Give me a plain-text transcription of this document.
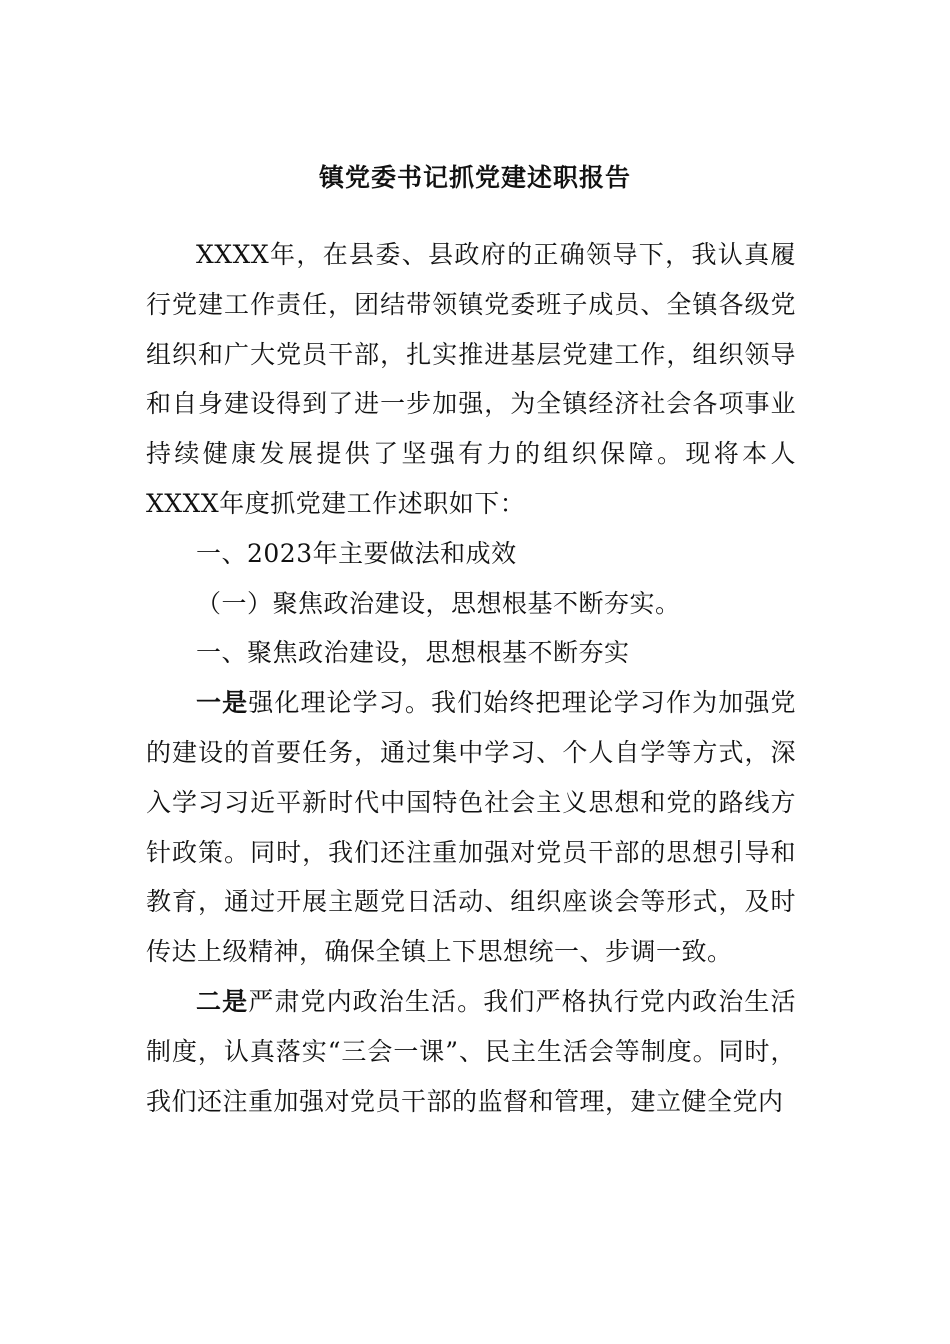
镇党委书记抓党建述职报告

XXXX年，在县委、县政府的正确领导下，我认真履行党建工作责任，团结带领镇党委班子成员、全镇各级党组织和广大党员干部，扎实推进基层党建工作，组织领导和自身建设得到了进一步加强，为全镇经济社会各项事业持续健康发展提供了坚强有力的组织保障。现将本人XXXX年度抓党建工作述职如下：

一、2023年主要做法和成效

（一）聚焦政治建设，思想根基不断夯实。

一、聚焦政治建设，思想根基不断夯实

一是强化理论学习。我们始终把理论学习作为加强党的建设的首要任务，通过集中学习、个人自学等方式，深入学习习近平新时代中国特色社会主义思想和党的路线方针政策。同时，我们还注重加强对党员干部的思想引导和教育，通过开展主题党日活动、组织座谈会等形式，及时传达上级精神，确保全镇上下思想统一、步调一致。

二是严肃党内政治生活。我们严格执行党内政治生活制度，认真落实“三会一课”、民主生活会等制度。同时，我们还注重加强对党员干部的监督和管理，建立健全党内
